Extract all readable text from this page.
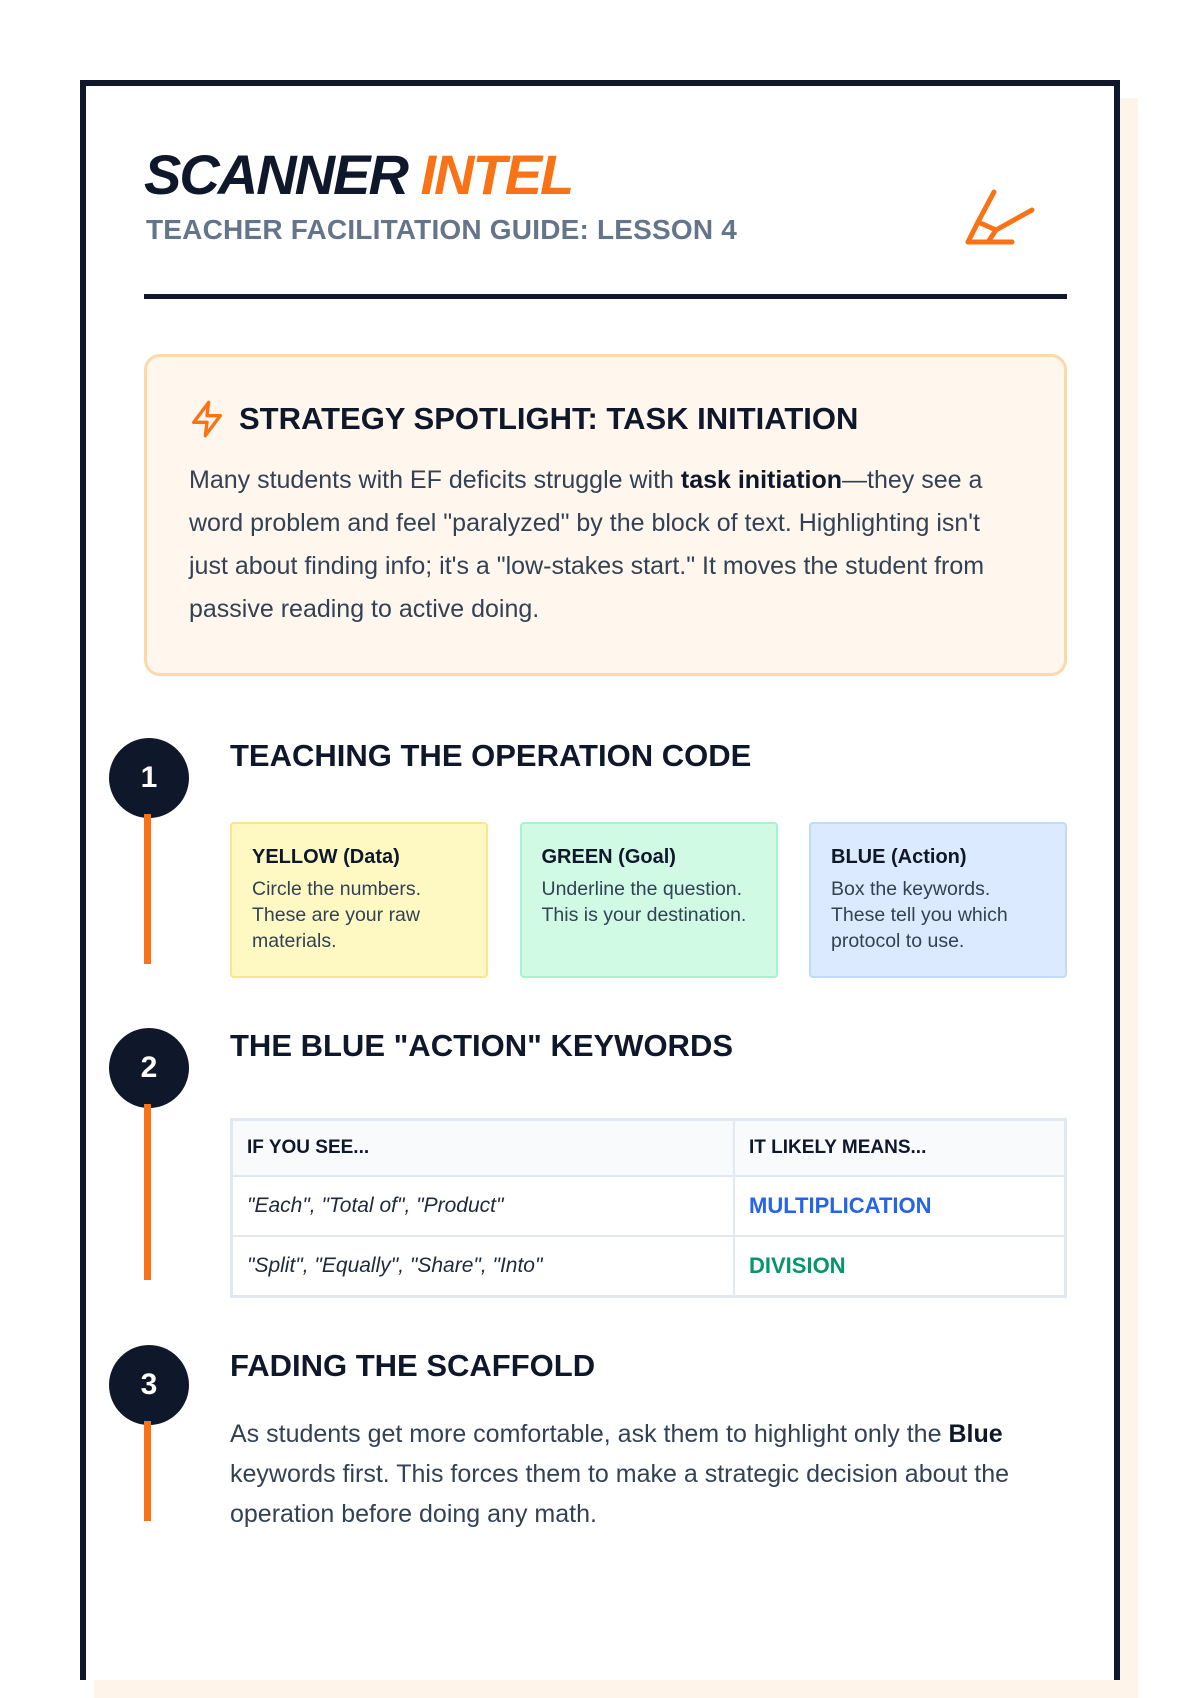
SCANNER INTEL
TEACHER FACILITATION GUIDE: LESSON 4
STRATEGY SPOTLIGHT: TASK INITIATION
Many students with EF deficits struggle with task initiation—they see a word problem and feel "paralyzed" by the block of text. Highlighting isn't just about finding info; it's a "low-stakes start." It moves the student from passive reading to active doing.
1
TEACHING THE OPERATION CODE
YELLOW (Data)
Circle the numbers. These are your raw materials.
GREEN (Goal)
Underline the question. This is your destination.
BLUE (Action)
Box the keywords. These tell you which protocol to use.
2
THE BLUE "ACTION" KEYWORDS
IF YOU SEE...	IT LIKELY MEANS...
"Each", "Total of", "Product"	MULTIPLICATION
"Split", "Equally", "Share", "Into"	DIVISION
3
FADING THE SCAFFOLD
As students get more comfortable, ask them to highlight only the Blue keywords first. This forces them to make a strategic decision about the operation before doing any math.
